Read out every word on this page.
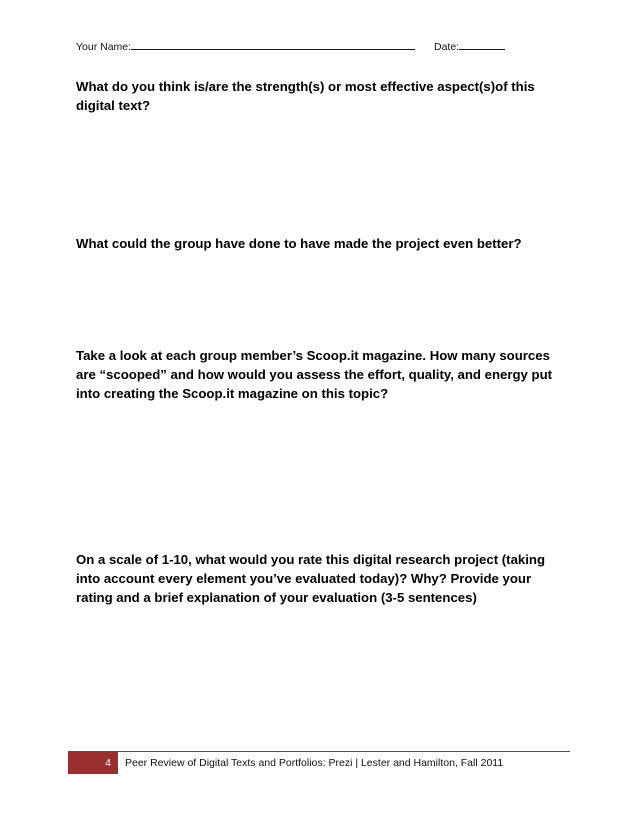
Your Name:	Date:
What do you think is/are the strength(s) or most effective aspect(s)of this digital text?
What could the group have done to have made the project even better?
Take a look at each group member’s Scoop.it magazine. How many sources are “scooped” and how would you assess the effort, quality, and energy put into creating the Scoop.it magazine on this topic?
On a scale of 1-10, what would you rate this digital research project (taking into account every element you’ve evaluated today)? Why? Provide your rating and a brief explanation of your evaluation (3-5 sentences)
4	Peer Review of Digital Texts and Portfolios: Prezi | Lester and Hamilton, Fall 2011
